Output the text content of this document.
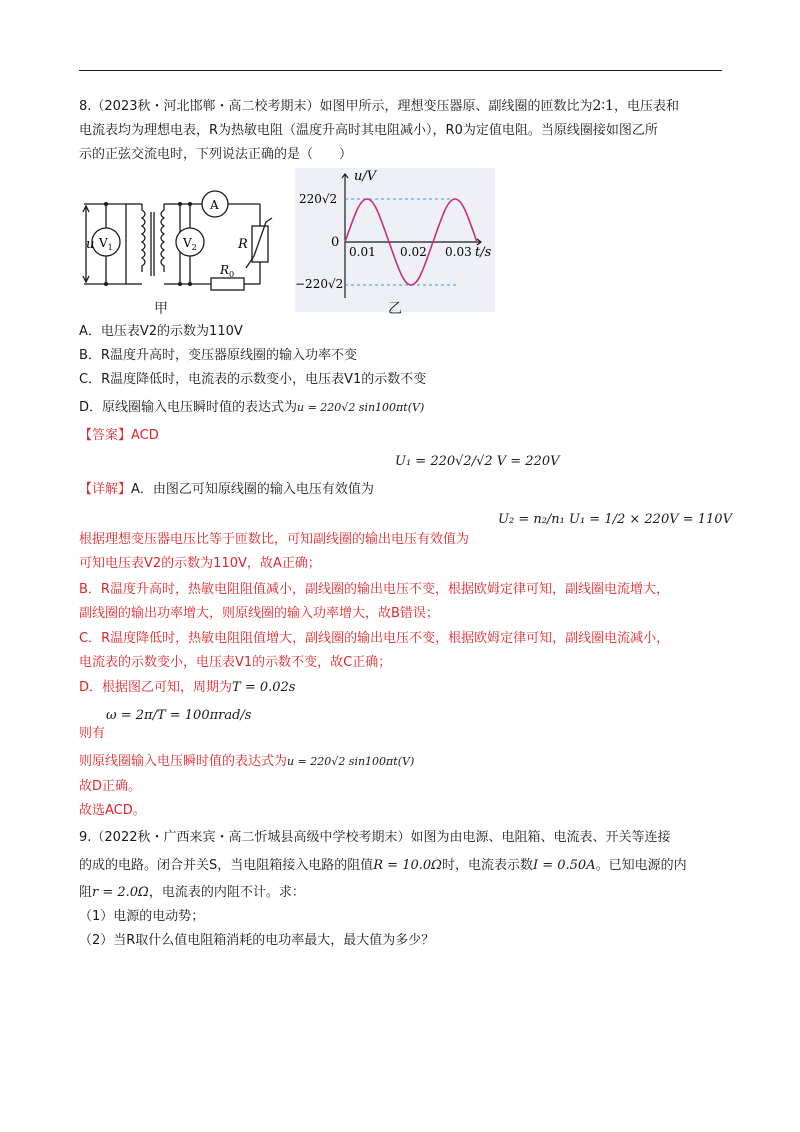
8.（2023秋・河北邯郸・高二校考期末）如图甲所示，理想变压器原、副线圈的匝数比为2∶1，电压表和
电流表均为理想电表，R为热敏电阻（温度升高时其电阻减小），R0为定值电阻。当原线圈接如图乙所
示的正弦交流电时，下列说法正确的是（　　）
u $V_1$	$V_2$
A
R
$R_0$
甲
u/V
220√2
−220√2
0
0.01 0.02 0.03 t/s
乙
A．电压表V2的示数为110V
B．R温度升高时，变压器原线圈的输入功率不变
C．R温度降低时，电流表的示数变小，电压表V1的示数不变
D．原线圈输入电压瞬时值的表达式为u = 220√2 sin100πt(V)
【答案】ACD
U₁ = 220√2/√2 V = 220V
【详解】A．由图乙可知原线圈的输入电压有效值为
U₂ = n₂/n₁ U₁ = 1/2 × 220V = 110V
根据理想变压器电压比等于匝数比，可知副线圈的输出电压有效值为
可知电压表V2的示数为110V，故A正确；
B．R温度升高时，热敏电阻阻值减小，副线圈的输出电压不变，根据欧姆定律可知，副线圈电流增大，
副线圈的输出功率增大，则原线圈的输入功率增大，故B错误；
C．R温度降低时，热敏电阻阻值增大，副线圈的输出电压不变，根据欧姆定律可知，副线圈电流减小，
电流表的示数变小，电压表V1的示数不变，故C正确；
D．根据图乙可知，周期为T = 0.02s
ω = 2π/T = 100πrad/s
则有
则原线圈输入电压瞬时值的表达式为u = 220√2 sin100πt(V)
故D正确。
故选ACD。
9.（2022秋・广西来宾・高二忻城县高级中学校考期末）如图为由电源、电阻箱、电流表、开关等连接
的成的电路。闭合并关S，当电阻箱接入电路的阻值R = 10.0Ω时，电流表示数I = 0.50A。已知电源的内
阻r = 2.0Ω，电流表的内阻不计。求：
（1）电源的电动势；
（2）当R取什么值电阻箱消耗的电功率最大，最大值为多少？
